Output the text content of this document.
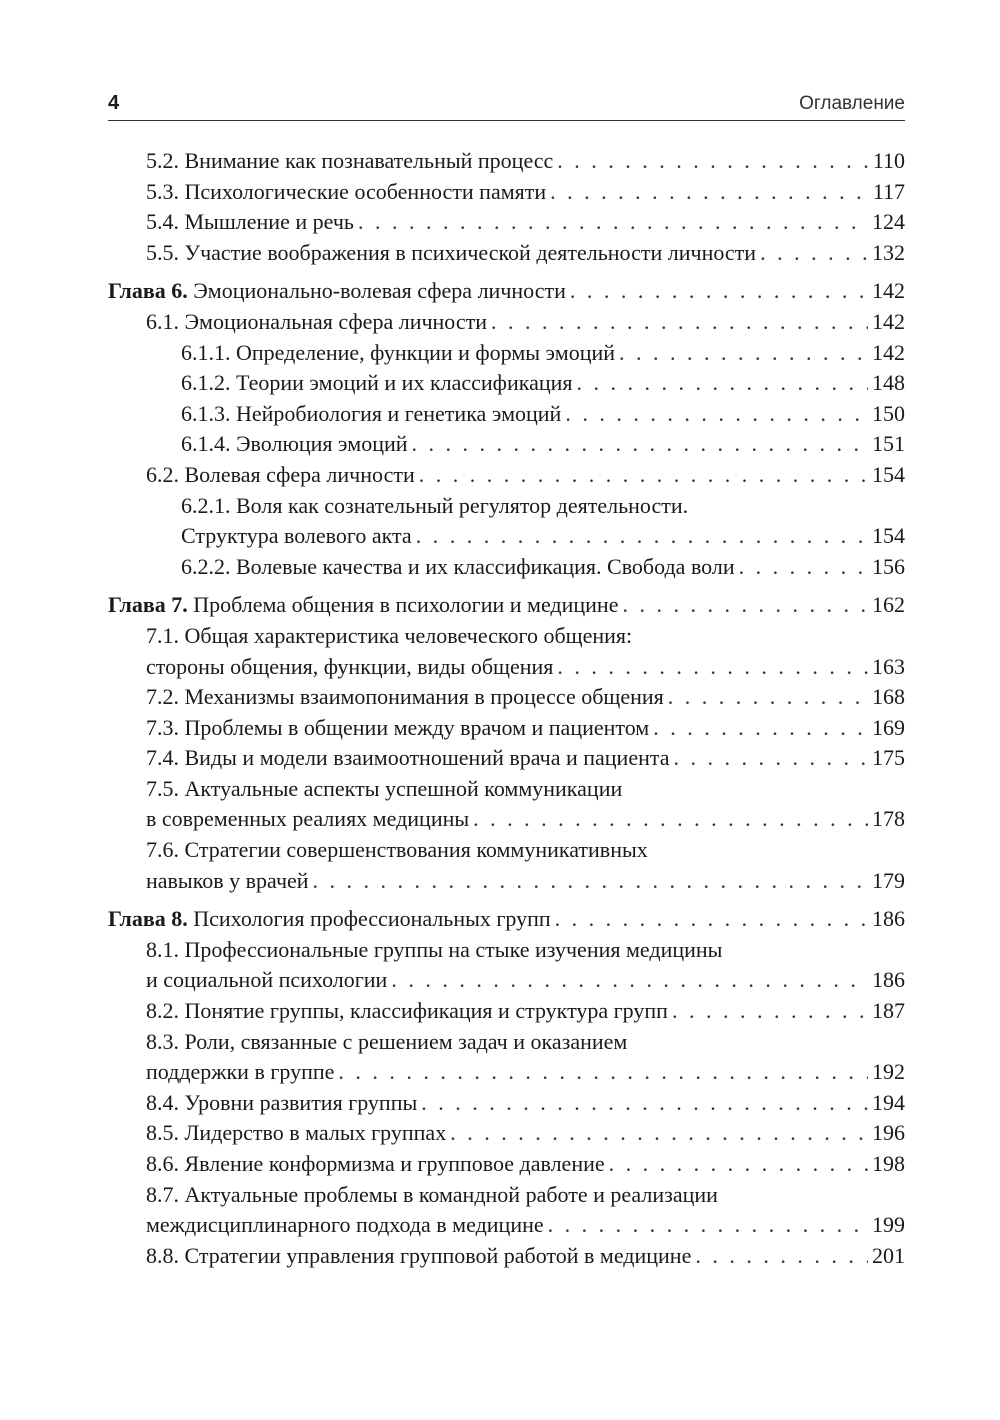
4	Оглавление
5.2. Внимание как познавательный процесс . . .	110
5.3. Психологические особенности памяти . . .	117
5.4. Мышление и речь . . .	124
5.5. Участие воображения в психической деятельности личности . . .	132
Глава 6. Эмоционально-волевая сфера личности . . .	142
6.1. Эмоциональная сфера личности . . .	142
6.1.1. Определение, функции и формы эмоций . . .	142
6.1.2. Теории эмоций и их классификация . . .	148
6.1.3. Нейробиология и генетика эмоций . . .	150
6.1.4. Эволюция эмоций . . .	151
6.2. Волевая сфера личности . . .	154
6.2.1. Воля как сознательный регулятор деятельности.
Структура волевого акта . . .	154
6.2.2. Волевые качества и их классификация. Свобода воли . . .	156
Глава 7. Проблема общения в психологии и медицине . . .	162
7.1. Общая характеристика человеческого общения:
стороны общения, функции, виды общения . . .	163
7.2. Механизмы взаимопонимания в процессе общения . . .	168
7.3. Проблемы в общении между врачом и пациентом . . .	169
7.4. Виды и модели взаимоотношений врача и пациента . . .	175
7.5. Актуальные аспекты успешной коммуникации
в современных реалиях медицины . . .	178
7.6. Стратегии совершенствования коммуникативных
навыков у врачей . . .	179
Глава 8. Психология профессиональных групп . . .	186
8.1. Профессиональные группы на стыке изучения медицины
и социальной психологии . . .	186
8.2. Понятие группы, классификация и структура групп . . .	187
8.3. Роли, связанные с решением задач и оказанием
поддержки в группе . . .	192
8.4. Уровни развития группы . . .	194
8.5. Лидерство в малых группах . . .	196
8.6. Явление конформизма и групповое давление . . .	198
8.7. Актуальные проблемы в командной работе и реализации
междисциплинарного подхода в медицине . . .	199
8.8. Стратегии управления групповой работой в медицине . . .	201
